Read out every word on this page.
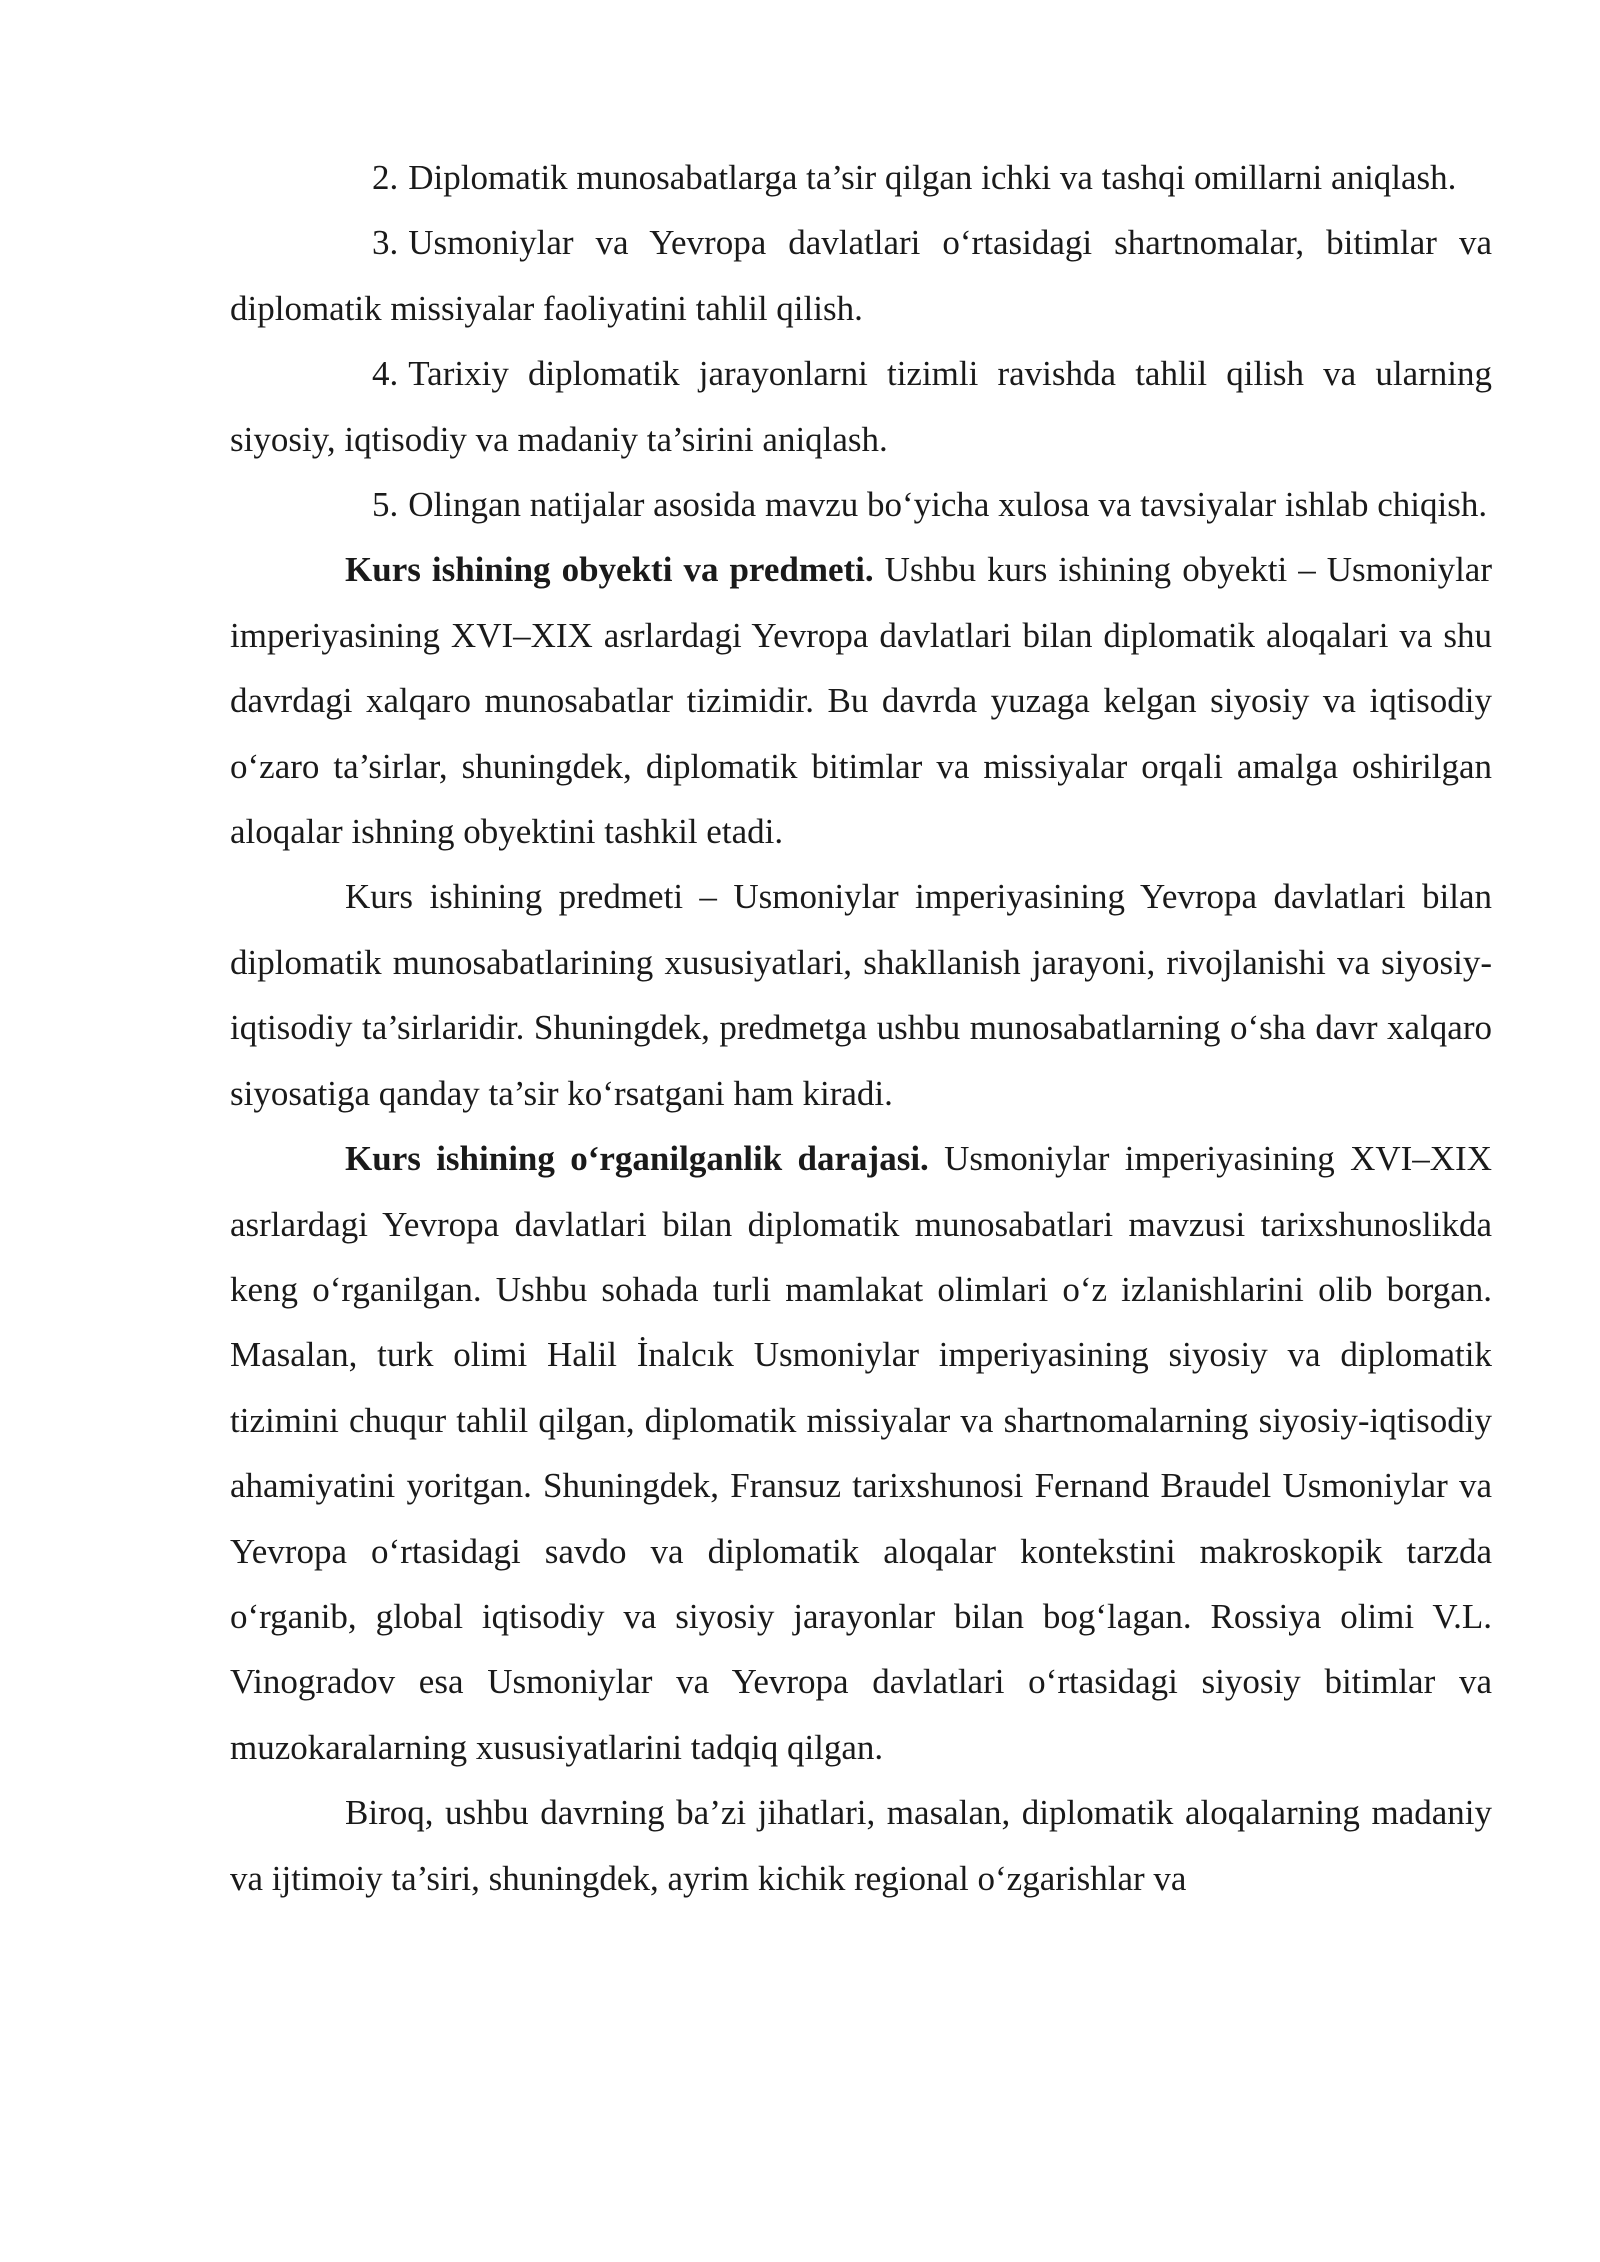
2. Diplomatik munosabatlarga ta’sir qilgan ichki va tashqi omillarni aniqlash.

3. Usmoniylar va Yevropa davlatlari o‘rtasidagi shartnomalar, bitimlar va diplomatik missiyalar faoliyatini tahlil qilish.

4. Tarixiy diplomatik jarayonlarni tizimli ravishda tahlil qilish va ularning siyosiy, iqtisodiy va madaniy ta’sirini aniqlash.

5. Olingan natijalar asosida mavzu bo‘yicha xulosa va tavsiyalar ishlab chiqish.

Kurs ishining obyekti va predmeti. Ushbu kurs ishining obyekti – Usmoniylar imperiyasining XVI–XIX asrlardagi Yevropa davlatlari bilan diplomatik aloqalari va shu davrdagi xalqaro munosabatlar tizimidir. Bu davrda yuzaga kelgan siyosiy va iqtisodiy o‘zaro ta’sirlar, shuningdek, diplomatik bitimlar va missiyalar orqali amalga oshirilgan aloqalar ishning obyektini tashkil etadi.

Kurs ishining predmeti – Usmoniylar imperiyasining Yevropa davlatlari bilan diplomatik munosabatlarining xususiyatlari, shakllanish jarayoni, rivojlanishi va siyosiy-iqtisodiy ta’sirlaridir. Shuningdek, predmetga ushbu munosabatlarning o‘sha davr xalqaro siyosatiga qanday ta’sir ko‘rsatgani ham kiradi.

Kurs ishining o‘rganilganlik darajasi. Usmoniylar imperiyasining XVI–XIX asrlardagi Yevropa davlatlari bilan diplomatik munosabatlari mavzusi tarixshunoslikda keng o‘rganilgan. Ushbu sohada turli mamlakat olimlari o‘z izlanishlarini olib borgan. Masalan, turk olimi Halil İnalcık Usmoniylar imperiyasining siyosiy va diplomatik tizimini chuqur tahlil qilgan, diplomatik missiyalar va shartnomalarning siyosiy-iqtisodiy ahamiyatini yoritgan. Shuningdek, Fransuz tarixshunosi Fernand Braudel Usmoniylar va Yevropa o‘rtasidagi savdo va diplomatik aloqalar kontekstini makroskopik tarzda o‘rganib, global iqtisodiy va siyosiy jarayonlar bilan bog‘lagan. Rossiya olimi V.L. Vinogradov esa Usmoniylar va Yevropa davlatlari o‘rtasidagi siyosiy bitimlar va muzokaralarning xususiyatlarini tadqiq qilgan.

Biroq, ushbu davrning ba’zi jihatlari, masalan, diplomatik aloqalarning madaniy va ijtimoiy ta’siri, shuningdek, ayrim kichik regional o‘zgarishlar va
